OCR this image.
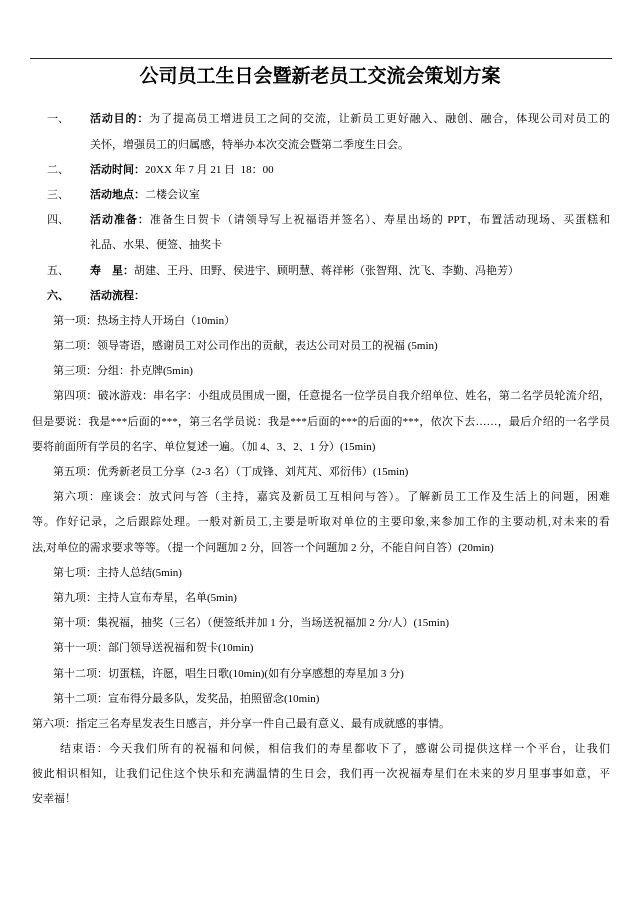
公司员工生日会暨新老员工交流会策划方案
一、 活动目的：为了提高员工增进员工之间的交流，让新员工更好融入、融创、融合，体现公司对员工的
关怀，增强员工的归属感，特举办本次交流会暨第二季度生日会。
二、 活动时间：20XX 年 7 月 21 日  18：00
三、 活动地点：二楼会议室
四、 活动准备：准备生日贺卡（请领导写上祝福语并签名）、寿星出场的 PPT，布置活动现场、买蛋糕和
礼品、水果、便签、抽奖卡
五、 寿　星：胡建、王丹、田野、侯进宇、顾明慧、蒋祥彬（张智翔、沈飞、李勤、冯艳芳）
六、 活动流程：
第一项：热场主持人开场白（10min）
第二项：领导寄语，感谢员工对公司作出的贡献，表达公司对员工的祝福 (5min)
第三项：分组：扑克牌(5min)
第四项：破冰游戏：串名字：小组成员围成一圈，任意提名一位学员自我介绍单位、姓名，第二名学员轮流介绍，
但是要说：我是***后面的***，第三名学员说：我是***后面的***的后面的***，依次下去……，最后介绍的一名学员
要将前面所有学员的名字、单位复述一遍。（加 4、3、2、1 分）(15min)
第五项：优秀新老员工分享（2-3 名）（丁成锋、刘芃芃、邓衍伟）(15min)
第六项：座谈会：放式问与答（主持，嘉宾及新员工互相问与答）。了解新员工工作及生活上的问题，困难
等。作好记录，之后跟踪处理。一般对新员工,主要是听取对单位的主要印象,来参加工作的主要动机,对未来的看
法,对单位的需求要求等等。（提一个问题加 2 分，回答一个问题加 2 分，不能自问自答）(20min)
第七项：主持人总结(5min)
第九项：主持人宣布寿星，名单(5min)
第十项：集祝福，抽奖（三名）（便签纸并加 1 分，当场送祝福加 2 分/人）(15min)
第十一项：部门领导送祝福和贺卡(10min)
第十二项：切蛋糕，许愿，唱生日歌(10min)(如有分享感想的寿星加 3 分)
第十二项：宣布得分最多队，发奖品，拍照留念(10min)
第六项：指定三名寿星发表生日感言，并分享一件自己最有意义、最有成就感的事情。
结束语：今天我们所有的祝福和问候，相信我们的寿星都收下了，感谢公司提供这样一个平台，让我们
彼此相识相知，让我们记住这个快乐和充满温情的生日会，我们再一次祝福寿星们在未来的岁月里事事如意，平
安幸福！
